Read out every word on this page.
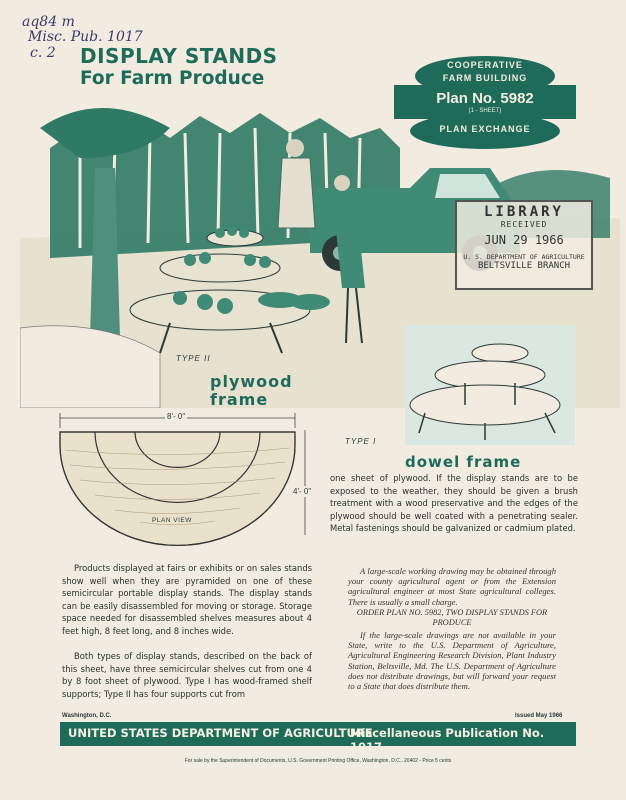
aq84 m
Misc. Pub. 1017
c. 2 DISPLAY STANDS
For Farm Produce
COOPERATIVE
FARM BUILDING
Plan No. 5982
(1 - SHEET)
PLAN EXCHANGE
LIBRARY
RECEIVED
JUN 29 1966
U. S. DEPARTMENT OF AGRICULTURE
BELTSVILLE BRANCH
TYPE II
plywood
frame
TYPE I
dowel frame
8'- 0"
4'- 0"
PLAN VIEW
one sheet of plywood. If the display stands are to be exposed to the weather, they should be given a brush treatment with a wood preservative and the edges of the plywood should be well coated with a penetrating sealer. Metal fastenings should be galvanized or cadmium plated.
Products displayed at fairs or exhibits or on sales stands show well when they are pyramided on one of these semicircular portable display stands. The display stands can be easily disassembled for moving or storage. Storage space needed for disassembled shelves measures about 4 feet high, 8 feet long, and 8 inches wide.
Both types of display stands, described on the back of this sheet, have three semicircular shelves cut from one 4 by 8 foot sheet of plywood. Type I has wood-framed shelf supports; Type II has four supports cut from
A large-scale working drawing may be obtained through your county agricultural agent or from the Extension agricultural engineer at most State agricultural colleges. There is usually a small charge.
ORDER PLAN NO. 5982, TWO DISPLAY STANDS FOR PRODUCE
If the large-scale drawings are not available in your State, write to the U.S. Department of Agriculture, Agricultural Engineering Research Division, Plant Industry Station, Beltsville, Md. The U.S. Department of Agriculture does not distribute drawings, but will forward your request to a State that does distribute them.
Washington, D.C.	Issued May 1966
UNITED STATES DEPARTMENT OF AGRICULTURE
Miscellaneous Publication No. 1017
For sale by the Superintendent of Documents, U.S. Government Printing Office, Washington, D.C., 20402 - Price 5 cents
